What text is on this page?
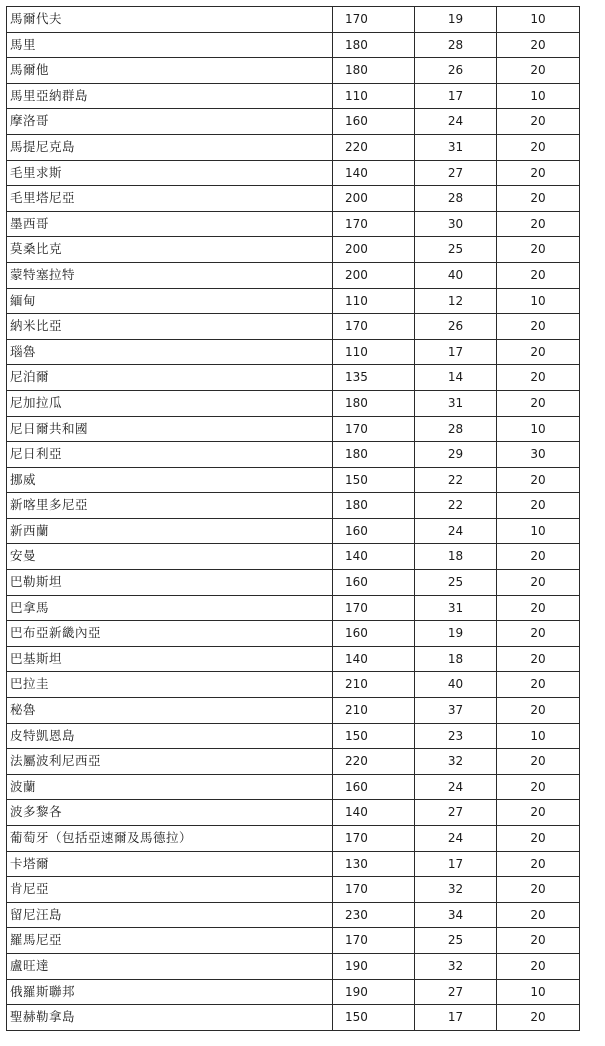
馬爾代夫	170	19	10
馬里	180	28	20
馬爾他	180	26	20
馬里亞納群島	110	17	10
摩洛哥	160	24	20
馬提尼克島	220	31	20
毛里求斯	140	27	20
毛里塔尼亞	200	28	20
墨西哥	170	30	20
莫桑比克	200	25	20
蒙特塞拉特	200	40	20
緬甸	110	12	10
納米比亞	170	26	20
瑙魯	110	17	20
尼泊爾	135	14	20
尼加拉瓜	180	31	20
尼日爾共和國	170	28	10
尼日利亞	180	29	30
挪威	150	22	20
新喀里多尼亞	180	22	20
新西蘭	160	24	10
安曼	140	18	20
巴勒斯坦	160	25	20
巴拿馬	170	31	20
巴布亞新畿內亞	160	19	20
巴基斯坦	140	18	20
巴拉圭	210	40	20
秘魯	210	37	20
皮特凱恩島	150	23	10
法屬波利尼西亞	220	32	20
波蘭	160	24	20
波多黎各	140	27	20
葡萄牙（包括亞速爾及馬德拉）	170	24	20
卡塔爾	130	17	20
肯尼亞	170	32	20
留尼汪島	230	34	20
羅馬尼亞	170	25	20
盧旺達	190	32	20
俄羅斯聯邦	190	27	10
聖赫勒拿島	150	17	20
